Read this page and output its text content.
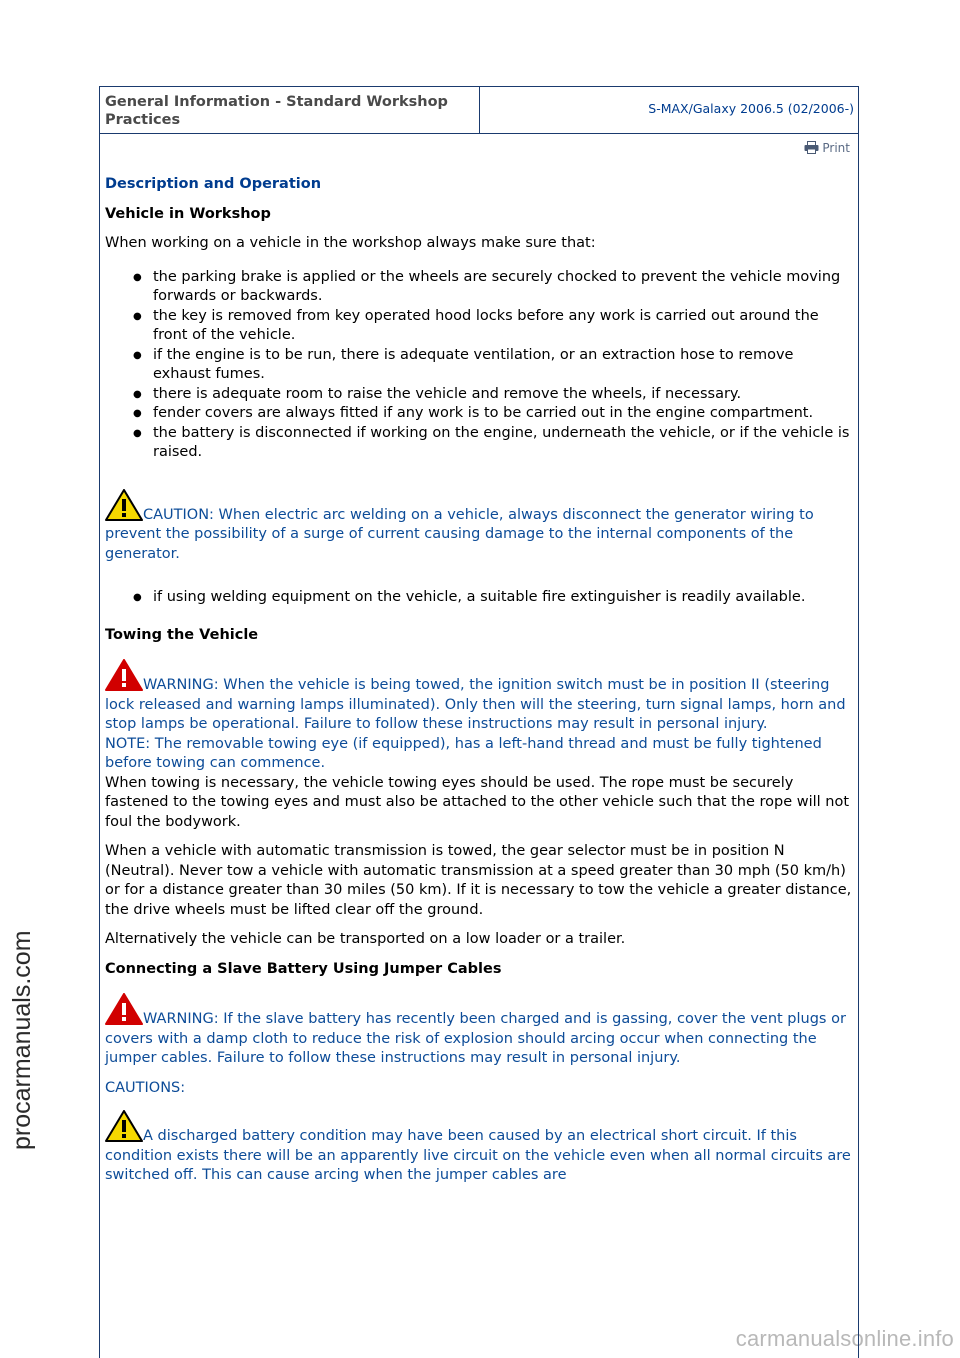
procarmanuals.com
carmanualsonline.info
General Information - Standard Workshop Practices
S-MAX/Galaxy 2006.5 (02/2006-)
Print
Description and Operation
Vehicle in Workshop

When working on a vehicle in the workshop always make sure that:

● the parking brake is applied or the wheels are securely chocked to prevent the vehicle moving forwards or backwards.
● the key is removed from key operated hood locks before any work is carried out around the front of the vehicle.
● if the engine is to be run, there is adequate ventilation, or an extraction hose to remove exhaust fumes.
● there is adequate room to raise the vehicle and remove the wheels, if necessary.
● fender covers are always fitted if any work is to be carried out in the engine compartment.
● the battery is disconnected if working on the engine, underneath the vehicle, or if the vehicle is raised.
CAUTION: When electric arc welding on a vehicle, always disconnect the generator wiring to prevent the possibility of a surge of current causing damage to the internal components of the generator.
● if using welding equipment on the vehicle, a suitable fire extinguisher is readily available.
Towing the Vehicle
WARNING: When the vehicle is being towed, the ignition switch must be in position II (steering lock released and warning lamps illuminated). Only then will the steering, turn signal lamps, horn and stop lamps be operational. Failure to follow these instructions may result in personal injury.
NOTE: The removable towing eye (if equipped), has a left-hand thread and must be fully tightened before towing can commence.
When towing is necessary, the vehicle towing eyes should be used. The rope must be securely fastened to the towing eyes and must also be attached to the other vehicle such that the rope will not foul the bodywork.

When a vehicle with automatic transmission is towed, the gear selector must be in position N (Neutral). Never tow a vehicle with automatic transmission at a speed greater than 30 mph (50 km/h) or for a distance greater than 30 miles (50 km). If it is necessary to tow the vehicle a greater distance, the drive wheels must be lifted clear off the ground.

Alternatively the vehicle can be transported on a low loader or a trailer.

Connecting a Slave Battery Using Jumper Cables
WARNING: If the slave battery has recently been charged and is gassing, cover the vent plugs or covers with a damp cloth to reduce the risk of explosion should arcing occur when connecting the jumper cables. Failure to follow these instructions may result in personal injury.

CAUTIONS:

A discharged battery condition may have been caused by an electrical short circuit. If this condition exists there will be an apparently live circuit on the vehicle even when all normal circuits are switched off. This can cause arcing when the jumper cables are
